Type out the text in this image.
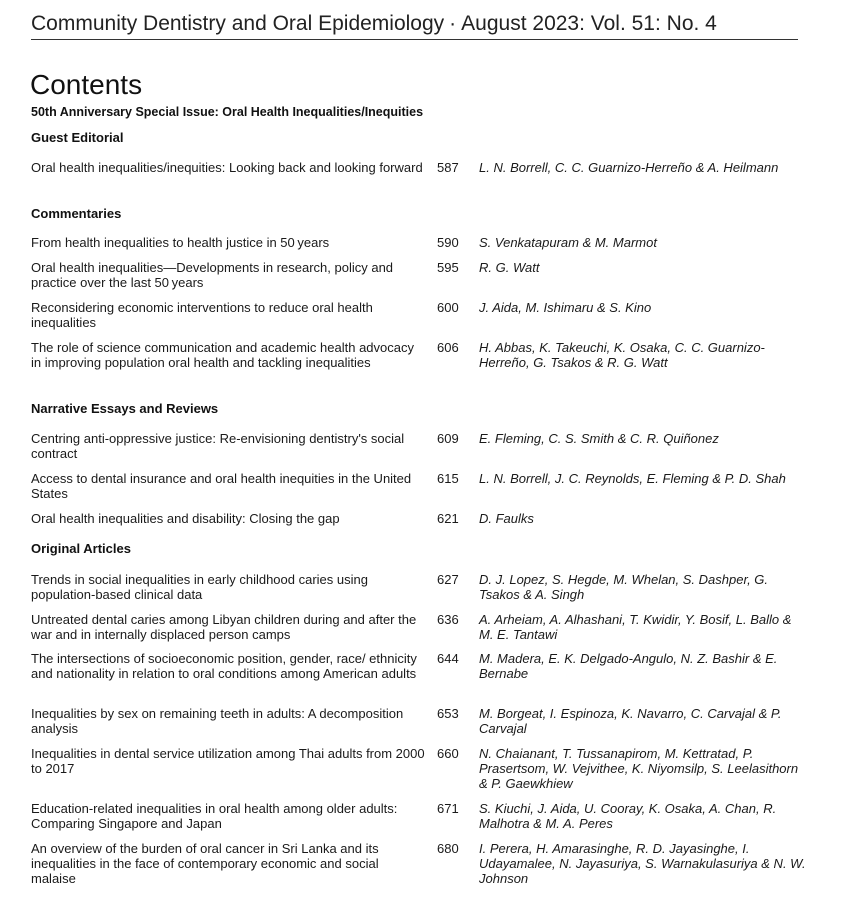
Community Dentistry and Oral Epidemiology · August 2023: Vol. 51: No. 4
Contents
50th Anniversary Special Issue: Oral Health Inequalities/Inequities
Guest Editorial
Oral health inequalities/inequities: Looking back and looking forward 587 L. N. Borrell, C. C. Guarnizo-Herreño & A. Heilmann
Commentaries
From health inequalities to health justice in 50 years	590 S. Venkatapuram & M. Marmot
Oral health inequalities—Developments in research, policy and practice over the last 50 years
595 R. G. Watt
Reconsidering economic interventions to reduce oral health inequalities
600 J. Aida, M. Ishimaru & S. Kino
The role of science communication and academic health advocacy in improving population oral health and tackling inequalities
606 H. Abbas, K. Takeuchi, K. Osaka, C. C. Guarnizo-Herreño, G. Tsakos & R. G. Watt
Narrative Essays and Reviews
Centring anti-oppressive justice: Re-envisioning dentistry's social contract
609 E. Fleming, C. S. Smith & C. R. Quiñonez
Access to dental insurance and oral health inequities in the United States
615 L. N. Borrell, J. C. Reynolds, E. Fleming & P. D. Shah
Oral health inequalities and disability: Closing the gap	621 D. Faulks
Original Articles
Trends in social inequalities in early childhood caries using population-based clinical data
627 D. J. Lopez, S. Hegde, M. Whelan, S. Dashper, G. Tsakos & A. Singh
Untreated dental caries among Libyan children during and after the war and in internally displaced person camps
636 A. Arheiam, A. Alhashani, T. Kwidir, Y. Bosif, L. Ballo & M. E. Tantawi
The intersections of socioeconomic position, gender, race/ ethnicity and nationality in relation to oral conditions among American adults
644 M. Madera, E. K. Delgado-Angulo, N. Z. Bashir & E. Bernabe
Inequalities by sex on remaining teeth in adults: A decomposition analysis
653 M. Borgeat, I. Espinoza, K. Navarro, C. Carvajal & P. Carvajal
Inequalities in dental service utilization among Thai adults from 2000 to 2017
660 N. Chaianant, T. Tussanapirom, M. Kettratad, P. Prasertsom, W. Vejvithee, K. Niyomsilp, S. Leelasithorn & P. Gaewkhiew
Education-related inequalities in oral health among older adults: Comparing Singapore and Japan
671 S. Kiuchi, J. Aida, U. Cooray, K. Osaka, A. Chan, R. Malhotra & M. A. Peres
An overview of the burden of oral cancer in Sri Lanka and its inequalities in the face of contemporary economic and social malaise
680 I. Perera, H. Amarasinghe, R. D. Jayasinghe, I. Udayamalee, N. Jayasuriya, S. Warnakulasuriya & N. W. Johnson
